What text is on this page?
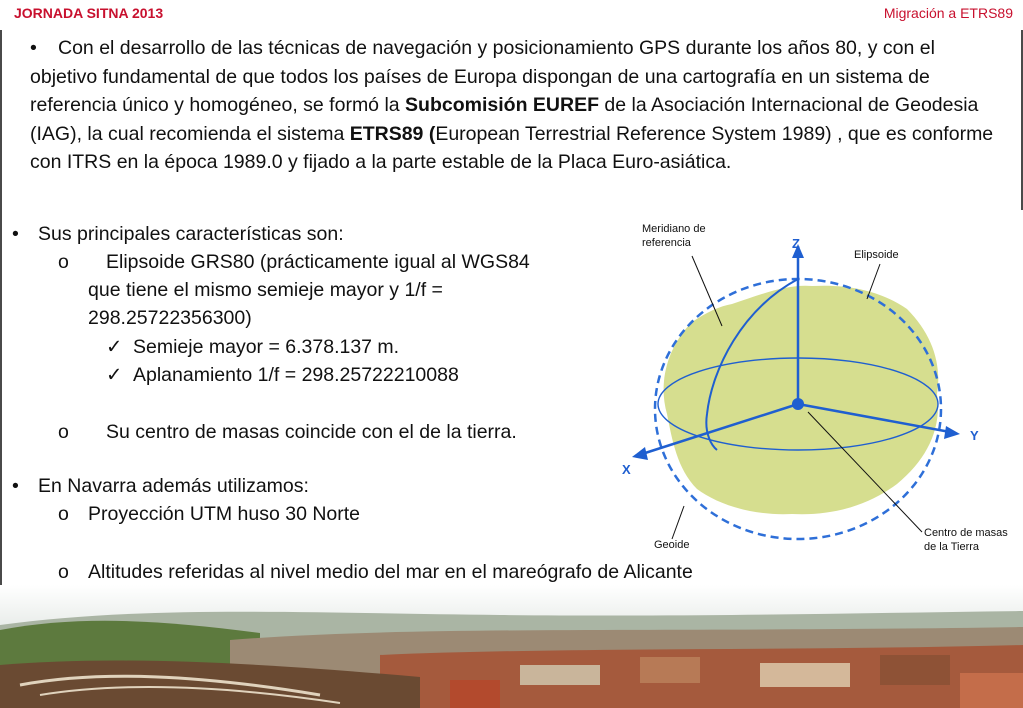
JORNADA SITNA 2013	Migración a ETRS89
• Con el desarrollo de las técnicas de navegación y posicionamiento GPS durante los años 80, y con el objetivo fundamental de que todos los países de Europa dispongan de una cartografía en un sistema de referencia único y homogéneo, se formó la Subcomisión EUREF de la Asociación Internacional de Geodesia (IAG), la cual recomienda el sistema ETRS89 (European Terrestrial Reference System 1989) , que es conforme con ITRS en la época 1989.0 y fijado a la parte estable de la Placa Euro-asiática.
• Sus principales características son:
o Elipsoide GRS80 (prácticamente igual al WGS84
que tiene el mismo semieje mayor y 1/f =
298.25722356300)
✓ Semieje mayor = 6.378.137 m.
✓ Aplanamiento 1/f = 298.25722210088
o Su centro de masas coincide con el de la tierra.
• En Navarra además utilizamos:
o Proyección UTM huso 30 Norte
o Altitudes referidas al nivel medio del mar en el mareógrafo de Alicante
Meridiano de
referencia	Z
Elipsoide
Y
X
Geoide
Centro de masas
de la Tierra
